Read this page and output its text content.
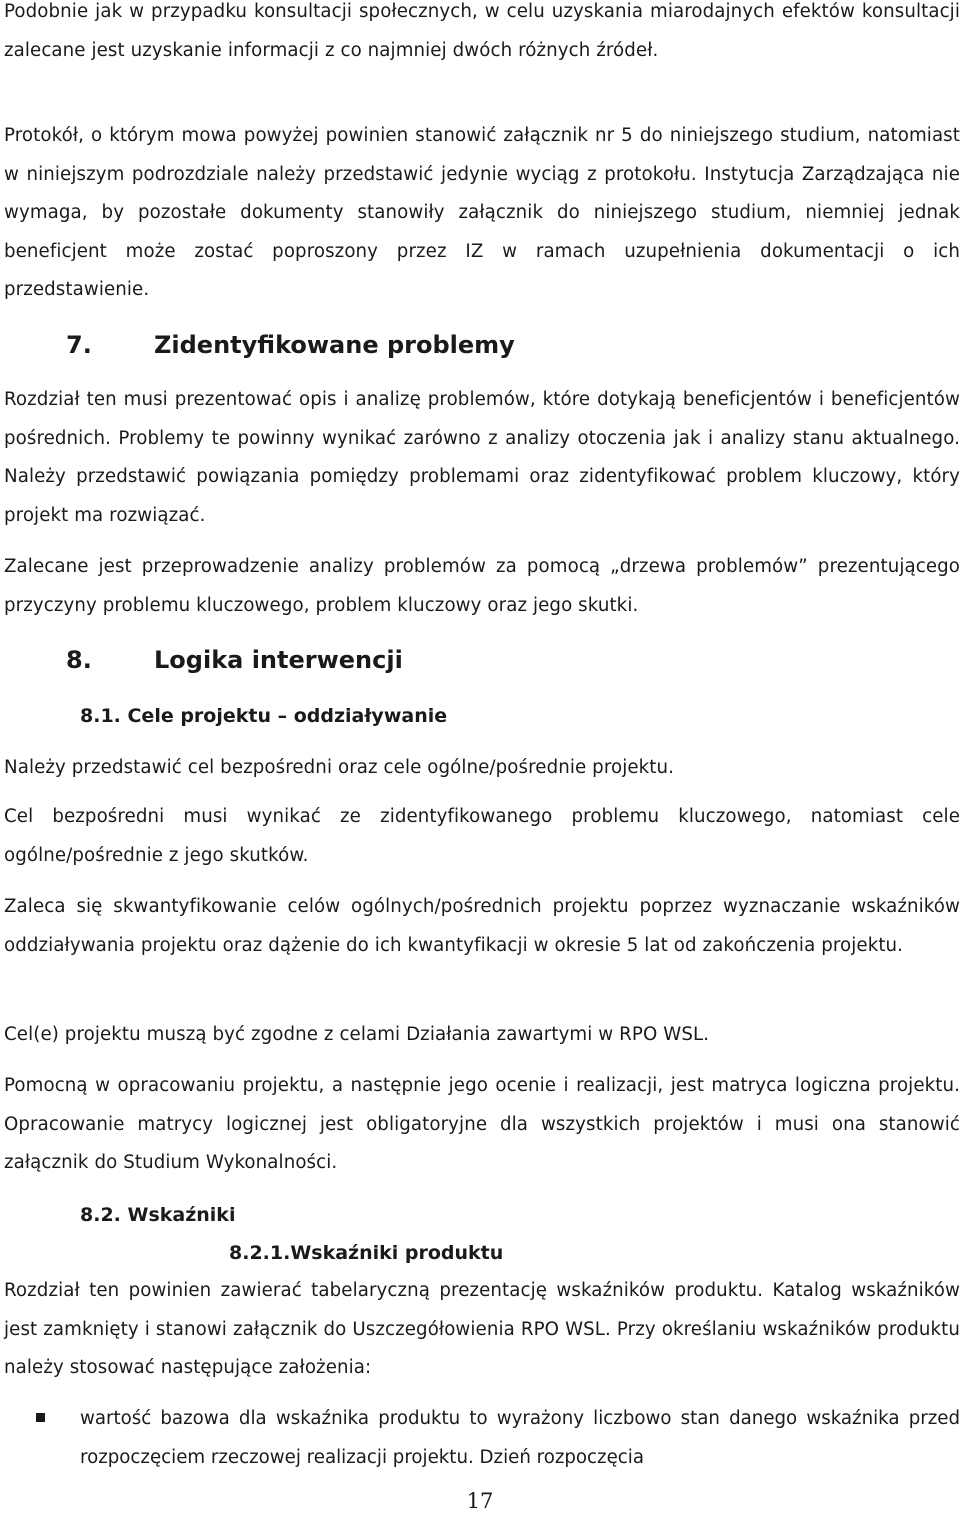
Podobnie jak w przypadku konsultacji społecznych, w celu uzyskania miarodajnych efektów konsultacji zalecane jest uzyskanie informacji z co najmniej dwóch różnych źródeł.

Protokół, o którym mowa powyżej powinien stanowić załącznik nr 5 do niniejszego studium, natomiast w niniejszym podrozdziale należy przedstawić jedynie wyciąg z protokołu. Instytucja Zarządzająca nie wymaga, by pozostałe dokumenty stanowiły załącznik do niniejszego studium, niemniej jednak beneficjent może zostać poproszony przez IZ w ramach uzupełnienia dokumentacji o ich przedstawienie.

7.	Zidentyfikowane problemy

Rozdział ten musi prezentować opis i analizę problemów, które dotykają beneficjentów i beneficjentów pośrednich. Problemy te powinny wynikać zarówno z analizy otoczenia jak i analizy stanu aktualnego. Należy przedstawić powiązania pomiędzy problemami oraz zidentyfikować problem kluczowy, który projekt ma rozwiązać.

Zalecane jest przeprowadzenie analizy problemów za pomocą „drzewa problemów” prezentującego przyczyny problemu kluczowego, problem kluczowy oraz jego skutki.

8.	Logika interwencji
8.1. Cele projektu – oddziaływanie

Należy przedstawić cel bezpośredni oraz cele ogólne/pośrednie projektu.

Cel bezpośredni musi wynikać ze zidentyfikowanego problemu kluczowego, natomiast cele ogólne/pośrednie z jego skutków.

Zaleca się skwantyfikowanie celów ogólnych/pośrednich projektu poprzez wyznaczanie wskaźników oddziaływania projektu oraz dążenie do ich kwantyfikacji w okresie 5 lat od zakończenia projektu.

Cel(e) projektu muszą być zgodne z celami Działania zawartymi w RPO WSL.

Pomocną w opracowaniu projektu, a następnie jego ocenie i realizacji, jest matryca logiczna projektu. Opracowanie matrycy logicznej jest obligatoryjne dla wszystkich projektów i musi ona stanowić załącznik do Studium Wykonalności.

8.2. Wskaźniki
8.2.1.Wskaźniki produktu

Rozdział ten powinien zawierać tabelaryczną prezentację wskaźników produktu. Katalog wskaźników jest zamknięty i stanowi załącznik do Uszczegółowienia RPO WSL. Przy określaniu wskaźników produktu należy stosować następujące założenia:

wartość bazowa dla wskaźnika produktu to wyrażony liczbowo stan danego wskaźnika przed rozpoczęciem rzeczowej realizacji projektu. Dzień rozpoczęcia
17
